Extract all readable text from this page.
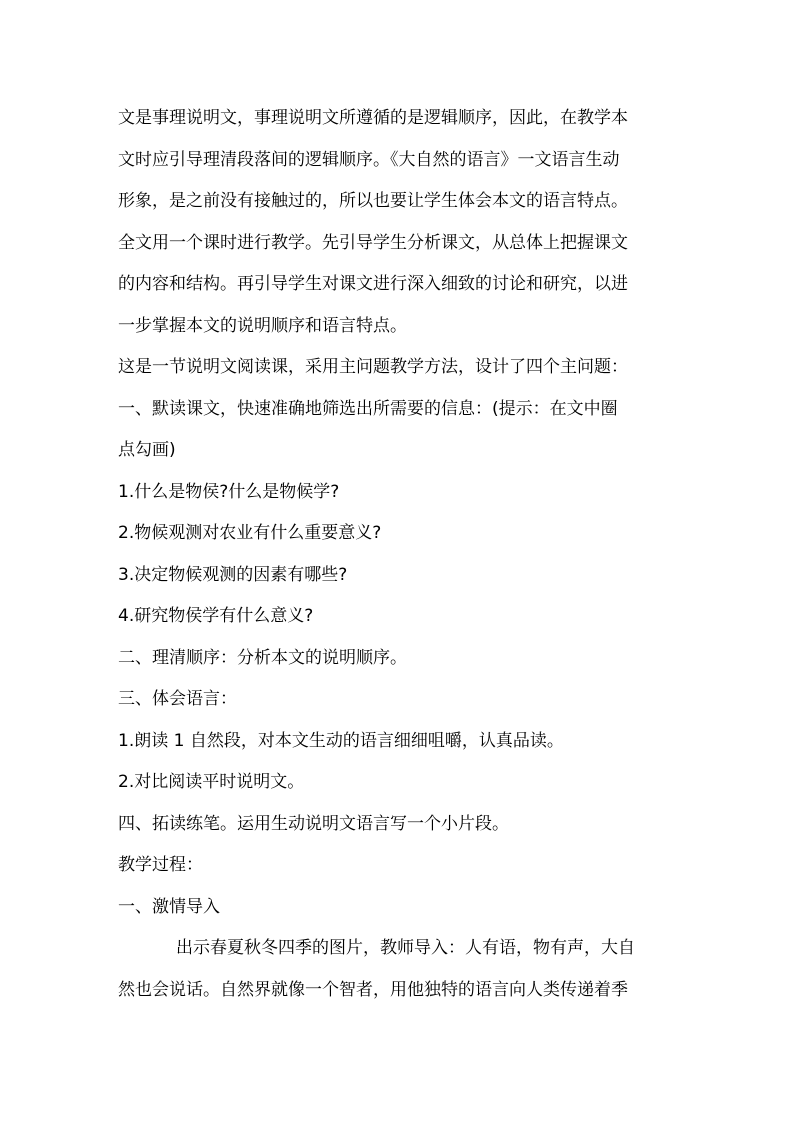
文是事理说明文，事理说明文所遵循的是逻辑顺序，因此，在教学本
文时应引导理清段落间的逻辑顺序。《大自然的语言》一文语言生动
形象，是之前没有接触过的，所以也要让学生体会本文的语言特点。
全文用一个课时进行教学。先引导学生分析课文，从总体上把握课文
的内容和结构。再引导学生对课文进行深入细致的讨论和研究，以进
一步掌握本文的说明顺序和语言特点。
这是一节说明文阅读课，采用主问题教学方法，设计了四个主问题：
一、默读课文，快速准确地筛选出所需要的信息：(提示：在文中圈
点勾画)
1.什么是物侯?什么是物候学?
2.物候观测对农业有什么重要意义?
3.决定物候观测的因素有哪些?
4.研究物侯学有什么意义?
二、理清顺序：分析本文的说明顺序。
三、体会语言：
1.朗读 1 自然段，对本文生动的语言细细咀嚼，认真品读。
2.对比阅读平时说明文。
四、拓读练笔。运用生动说明文语言写一个小片段。
教学过程：
一、激情导入
出示春夏秋冬四季的图片，教师导入：人有语，物有声，大自
然也会说话。自然界就像一个智者，用他独特的语言向人类传递着季
